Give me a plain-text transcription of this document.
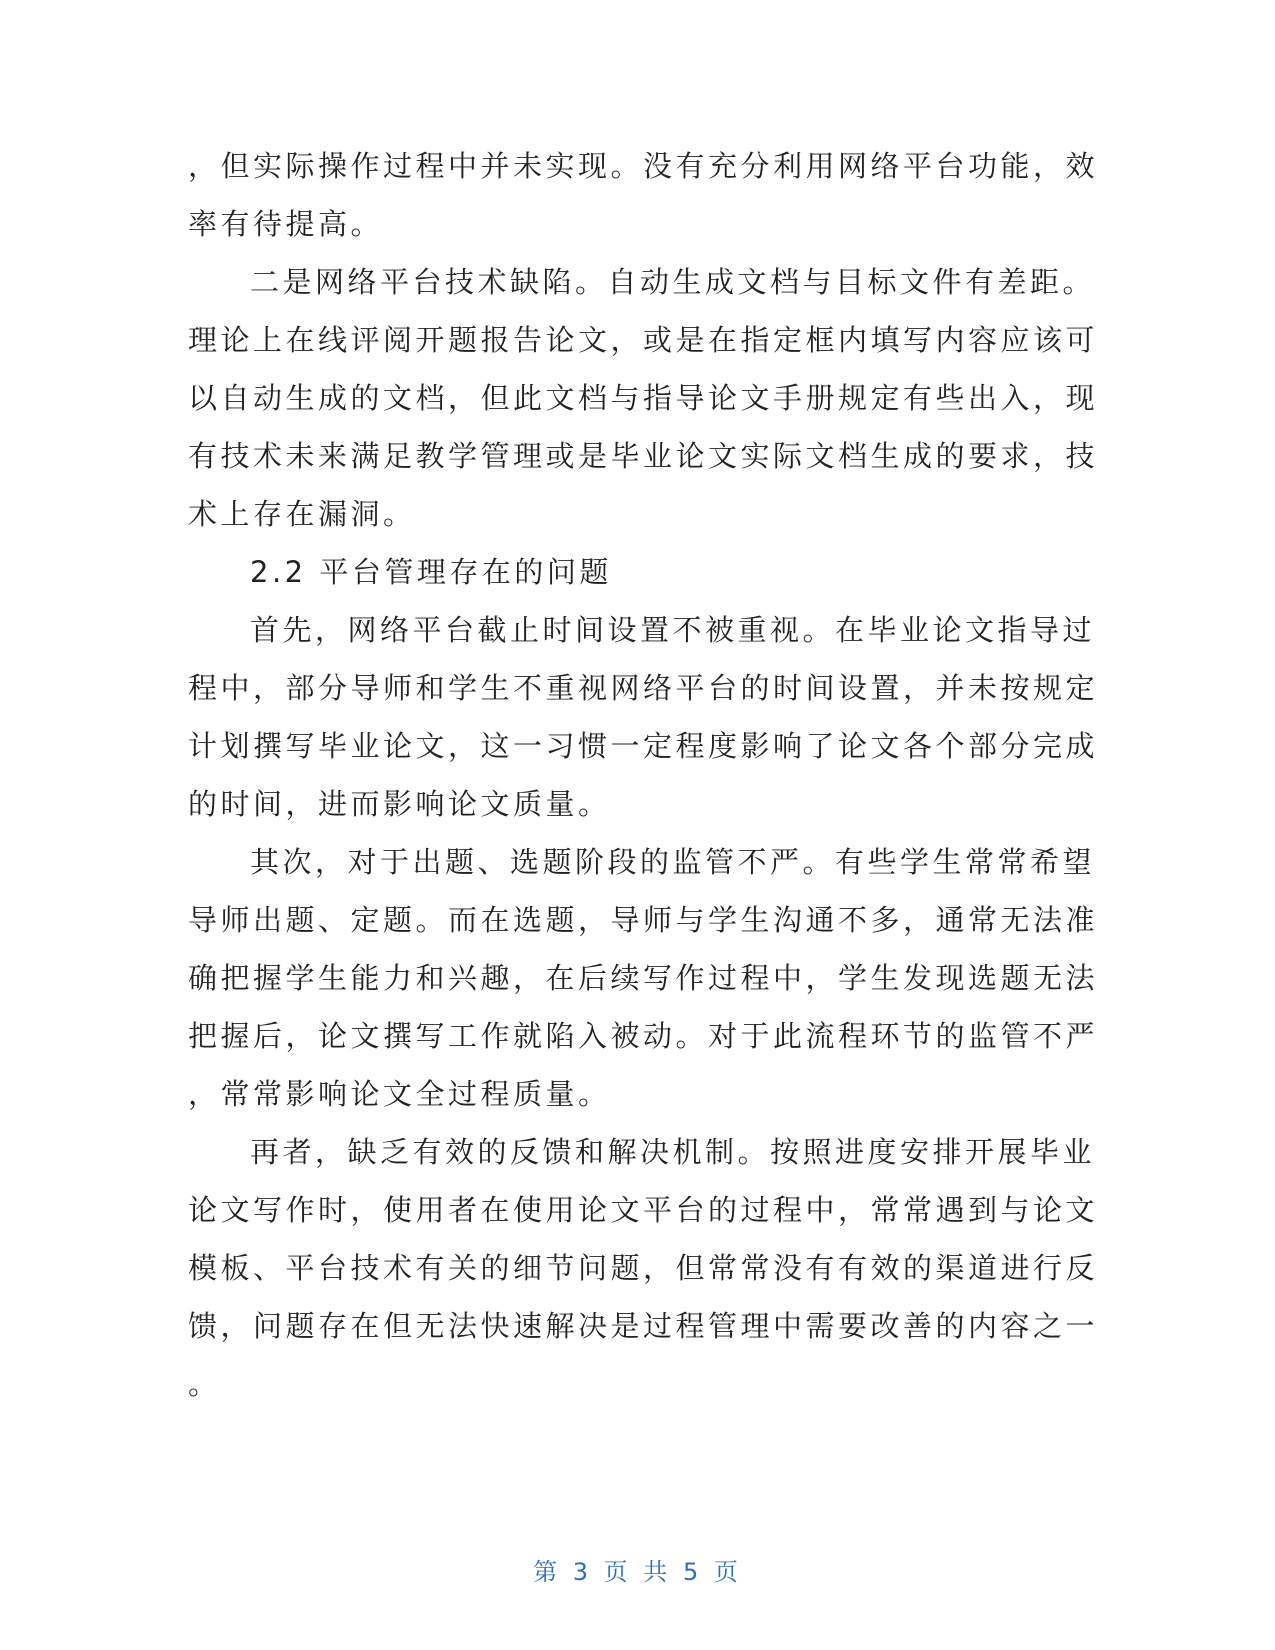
，但实际操作过程中并未实现。没有充分利用网络平台功能，效
率有待提高。
二是网络平台技术缺陷。自动生成文档与目标文件有差距。
理论上在线评阅开题报告论文，或是在指定框内填写内容应该可
以自动生成的文档，但此文档与指导论文手册规定有些出入，现
有技术未来满足教学管理或是毕业论文实际文档生成的要求，技
术上存在漏洞。
2.2 平台管理存在的问题
首先，网络平台截止时间设置不被重视。在毕业论文指导过
程中，部分导师和学生不重视网络平台的时间设置，并未按规定
计划撰写毕业论文，这一习惯一定程度影响了论文各个部分完成
的时间，进而影响论文质量。
其次，对于出题、选题阶段的监管不严。有些学生常常希望
导师出题、定题。而在选题，导师与学生沟通不多，通常无法准
确把握学生能力和兴趣，在后续写作过程中，学生发现选题无法
把握后，论文撰写工作就陷入被动。对于此流程环节的监管不严
，常常影响论文全过程质量。
再者，缺乏有效的反馈和解决机制。按照进度安排开展毕业
论文写作时，使用者在使用论文平台的过程中，常常遇到与论文
模板、平台技术有关的细节问题，但常常没有有效的渠道进行反
馈，问题存在但无法快速解决是过程管理中需要改善的内容之一
。
第 3 页 共 5 页
